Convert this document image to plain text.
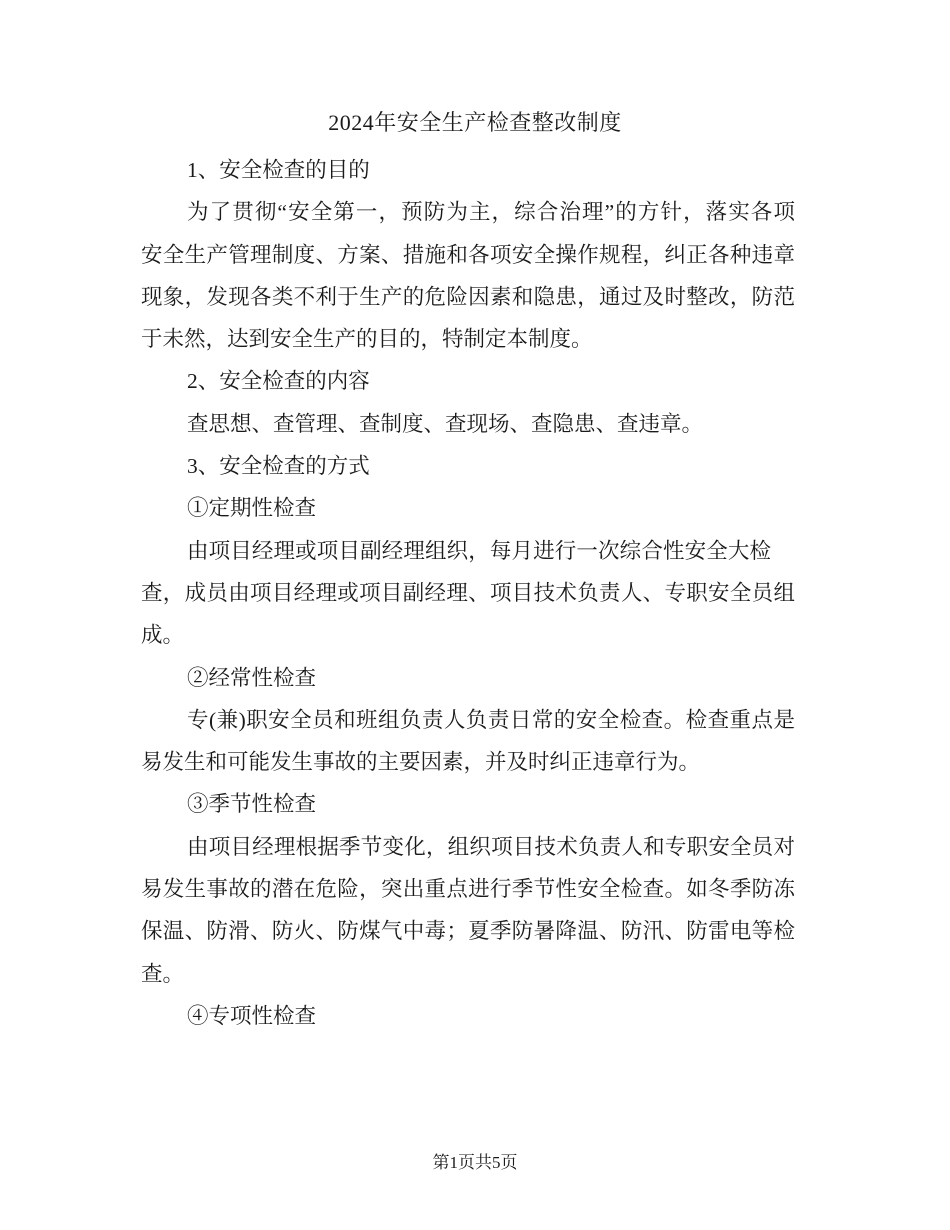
2024年安全生产检查整改制度
1、安全检查的目的
为了贯彻“安全第一，预防为主，综合治理”的方针，落实各项
安全生产管理制度、方案、措施和各项安全操作规程，纠正各种违章
现象，发现各类不利于生产的危险因素和隐患，通过及时整改，防范
于未然，达到安全生产的目的，特制定本制度。
2、安全检查的内容
查思想、查管理、查制度、查现场、查隐患、查违章。
3、安全检查的方式
①定期性检查
由项目经理或项目副经理组织，每月进行一次综合性安全大检
查，成员由项目经理或项目副经理、项目技术负责人、专职安全员组
成。
②经常性检查
专(兼)职安全员和班组负责人负责日常的安全检查。检查重点是
易发生和可能发生事故的主要因素，并及时纠正违章行为。
③季节性检查
由项目经理根据季节变化，组织项目技术负责人和专职安全员对
易发生事故的潜在危险，突出重点进行季节性安全检查。如冬季防冻
保温、防滑、防火、防煤气中毒；夏季防暑降温、防汛、防雷电等检
查。
④专项性检查
第1页共5页
